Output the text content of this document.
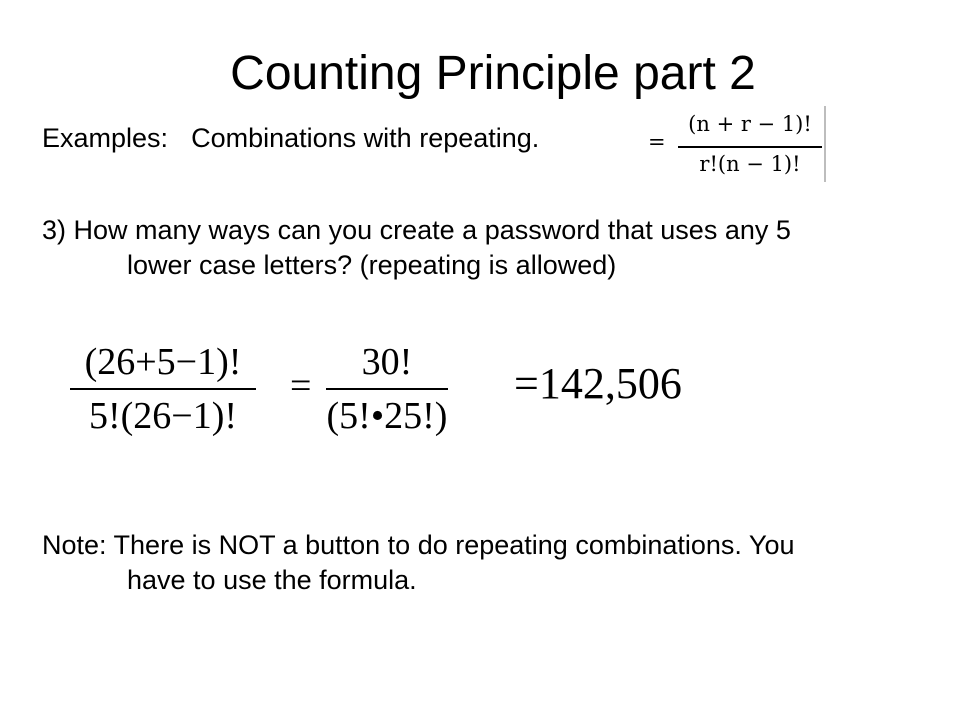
Counting Principle part 2
Examples: Combinations with repeating.	=
(n + r − 1)!
r!(n − 1)!
3) How many ways can you create a password that uses any 5
lower case letters? (repeating is allowed)
(26+5−1)!
5!(26−1)!
=
30!
(5!•25!)
=142,506
Note: There is NOT a button to do repeating combinations. You
have to use the formula.
